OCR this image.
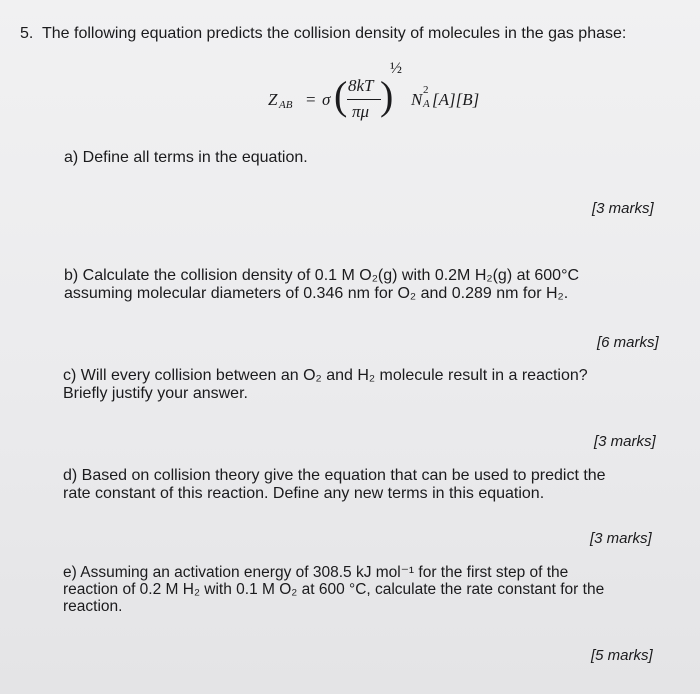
5. The following equation predicts the collision density of molecules in the gas phase:
Z AB = σ ( 8kT
πμ )
½
N 2
A [A][B]
a) Define all terms in the equation.
[3 marks]
b) Calculate the collision density of 0.1 M O₂(g) with 0.2M H₂(g) at 600°C
assuming molecular diameters of 0.346 nm for O₂ and 0.289 nm for H₂.
[6 marks]
c) Will every collision between an O₂ and H₂ molecule result in a reaction?
Briefly justify your answer.
[3 marks]
d) Based on collision theory give the equation that can be used to predict the
rate constant of this reaction. Define any new terms in this equation.
[3 marks]
e) Assuming an activation energy of 308.5 kJ mol⁻¹ for the first step of the
reaction of 0.2 M H₂ with 0.1 M O₂ at 600 °C, calculate the rate constant for the
reaction.
[5 marks]
